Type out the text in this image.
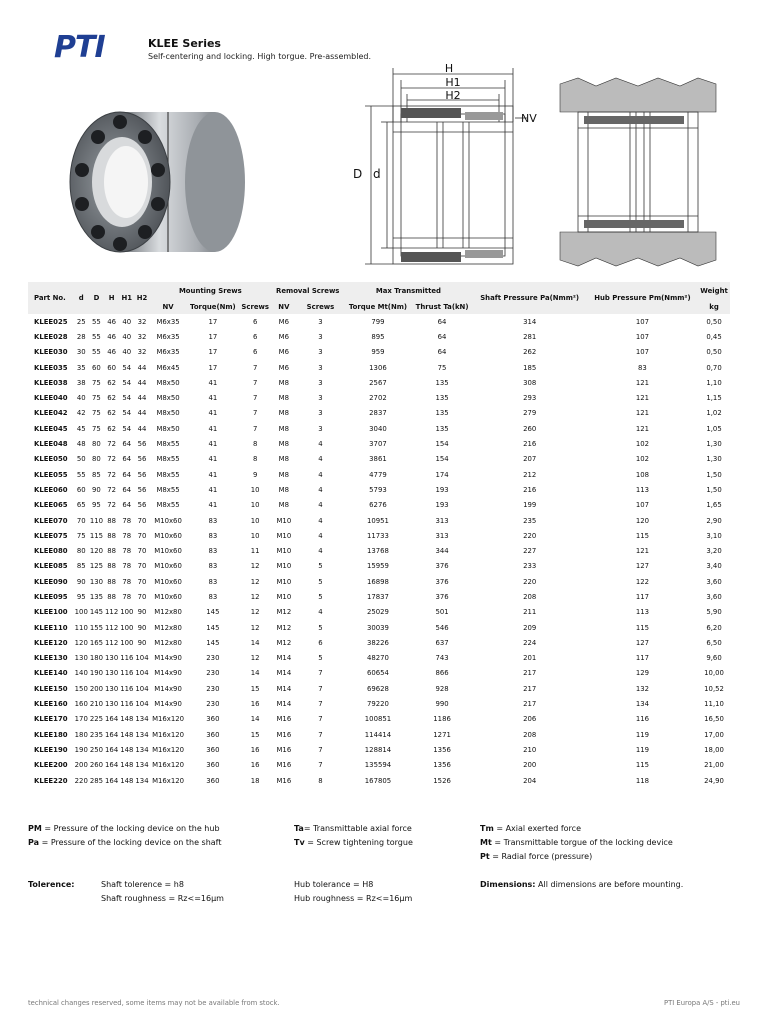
PTI	KLEE Series
Self-centering and locking. High torgue. Pre-assembled.
H
H1
H2
NV
D d
Part No.	d	D	H	H1	H2	Mounting Srews			Removal Screws		Max Transmitted		Shaft Pressure Pa(Nmm²)	Hub Pressure Pm(Nmm²)	Weight
						NV	Torque(Nm)	Screws	NV	Screws	Torque Mt(Nm)	Thrust Ta(kN)			kg
KLEE025	25	55	46	40	32	M6x35	17	6	M6	3	799	64	314	107	0,50
KLEE028	28	55	46	40	32	M6x35	17	6	M6	3	895	64	281	107	0,45
KLEE030	30	55	46	40	32	M6x35	17	6	M6	3	959	64	262	107	0,50
KLEE035	35	60	60	54	44	M6x45	17	7	M6	3	1306	75	185	83	0,70
KLEE038	38	75	62	54	44	M8x50	41	7	M8	3	2567	135	308	121	1,10
KLEE040	40	75	62	54	44	M8x50	41	7	M8	3	2702	135	293	121	1,15
KLEE042	42	75	62	54	44	M8x50	41	7	M8	3	2837	135	279	121	1,02
KLEE045	45	75	62	54	44	M8x50	41	7	M8	3	3040	135	260	121	1,05
KLEE048	48	80	72	64	56	M8x55	41	8	M8	4	3707	154	216	102	1,30
KLEE050	50	80	72	64	56	M8x55	41	8	M8	4	3861	154	207	102	1,30
KLEE055	55	85	72	64	56	M8x55	41	9	M8	4	4779	174	212	108	1,50
KLEE060	60	90	72	64	56	M8x55	41	10	M8	4	5793	193	216	113	1,50
KLEE065	65	95	72	64	56	M8x55	41	10	M8	4	6276	193	199	107	1,65
KLEE070	70	110	88	78	70	M10x60	83	10	M10	4	10951	313	235	120	2,90
KLEE075	75	115	88	78	70	M10x60	83	10	M10	4	11733	313	220	115	3,10
KLEE080	80	120	88	78	70	M10x60	83	11	M10	4	13768	344	227	121	3,20
KLEE085	85	125	88	78	70	M10x60	83	12	M10	5	15959	376	233	127	3,40
KLEE090	90	130	88	78	70	M10x60	83	12	M10	5	16898	376	220	122	3,60
KLEE095	95	135	88	78	70	M10x60	83	12	M10	5	17837	376	208	117	3,60
KLEE100	100	145	112	100	90	M12x80	145	12	M12	4	25029	501	211	113	5,90
KLEE110	110	155	112	100	90	M12x80	145	12	M12	5	30039	546	209	115	6,20
KLEE120	120	165	112	100	90	M12x80	145	14	M12	6	38226	637	224	127	6,50
KLEE130	130	180	130	116	104	M14x90	230	12	M14	5	48270	743	201	117	9,60
KLEE140	140	190	130	116	104	M14x90	230	14	M14	7	60654	866	217	129	10,00
KLEE150	150	200	130	116	104	M14x90	230	15	M14	7	69628	928	217	132	10,52
KLEE160	160	210	130	116	104	M14x90	230	16	M14	7	79220	990	217	134	11,10
KLEE170	170	225	164	148	134	M16x120	360	14	M16	7	100851	1186	206	116	16,50
KLEE180	180	235	164	148	134	M16x120	360	15	M16	7	114414	1271	208	119	17,00
KLEE190	190	250	164	148	134	M16x120	360	16	M16	7	128814	1356	210	119	18,00
KLEE200	200	260	164	148	134	M16x120	360	16	M16	7	135594	1356	200	115	21,00
KLEE220	220	285	164	148	134	M16x120	360	18	M16	8	167805	1526	204	118	24,90
PM = Pressure of the locking device on the hub
Pa = Pressure of the locking device on the shaft
Ta= Transmittable axial force
Tv = Screw tightening torgue
Tm = Axial exerted force
Mt = Transmittable torgue of the locking device
Pt = Radial force (pressure)
Tolerence:	Shaft tolerence = h8
Shaft roughness = Rz<=16µm
Hub tolerance = H8
Hub roughness = Rz<=16µm
Dimensions: All dimensions are before mounting.
technical changes reserved, some items may not be available from stock.	PTI Europa A/S - pti.eu
